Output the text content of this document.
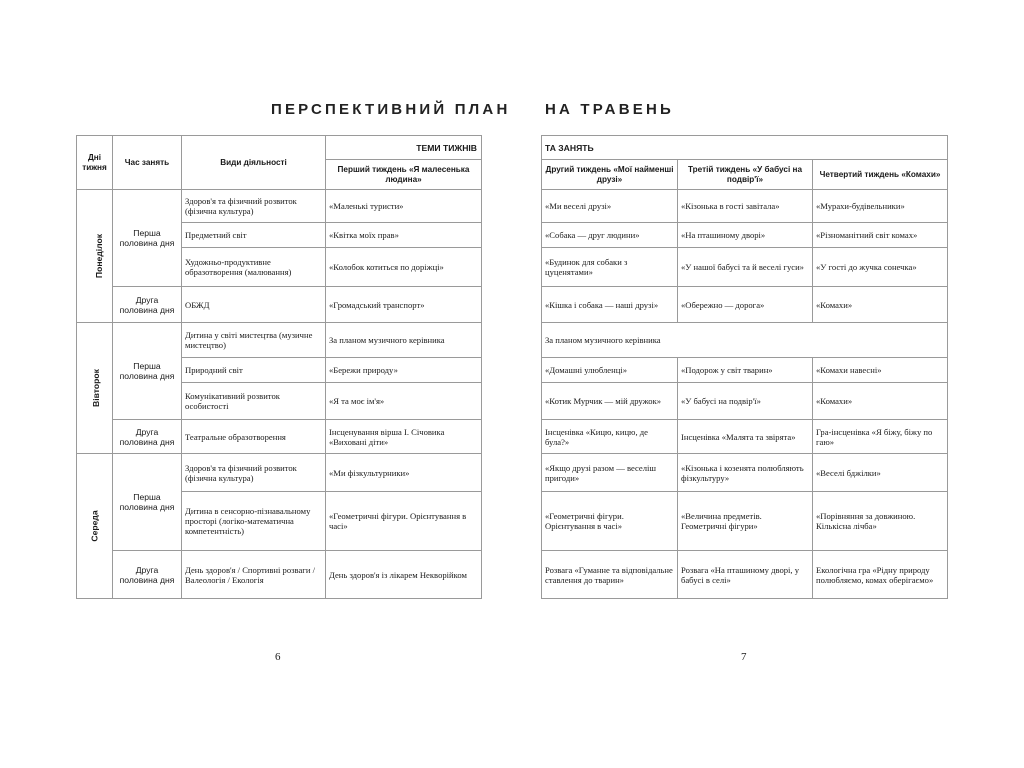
ПЕРСПЕКТИВНИЙ ПЛАН НА ТРАВЕНЬ
Дні тижня	Час занять	Види діяльності	ТЕМИ ТИЖНІВ
			Перший тиждень «Я малесенька людина»
Понеділок	Перша половина дня	Здоров'я та фізичний розвиток (фізична культура)	«Маленькі туристи»
		Предметний світ	«Квітка моїх прав»
		Художньо-продуктивне образотворення (малювання)	«Колобок котиться по доріжці»
	Друга половина дня	ОБЖД	«Громадський транспорт»
Вівторок	Перша половина дня	Дитина у світі мистецтва (музичне мистецтво)	За планом музичного керівника
		Природний світ	«Бережи природу»
		Комунікативний розвиток особистості	«Я та моє ім'я»
	Друга половина дня	Театральне образотворення	Інсценування вірша І. Січовика «Виховані діти»
Середа	Перша половина дня	Здоров'я та фізичний розвиток (фізична культура)	«Ми фізкультурники»
		Дитина в сенсорно-пізнавальному просторі (логіко-математична компетентність)	«Геометричні фігури. Орієнтування в часі»
	Друга половина дня	День здоров'я / Спортивні розваги / Валеологія / Екологія	День здоров'я із лікарем Неквoрійком
ТА ЗАНЯТЬ		
Другий тиждень «Мої найменші друзі»	Третій тиждень «У бабусі на подвір'ї»	Четвертий тиждень «Комахи»
«Ми веселі друзі»	«Кізонька в гості завітала»	«Мурахи-будівельники»
«Собака — друг людини»	«На пташиному дворі»	«Різноманітний світ комах»
«Будинок для собаки з цуценятами»	«У нашої бабусі та й веселі гуси»	«У гості до жучка сонечка»
«Кішка і собака — наші друзі»	«Обережно — дорога»	«Комахи»
За планом музичного керівника		
«Домашні улюбленці»	«Подорож у світ тварин»	«Комахи навесні»
«Котик Мурчик — мій дружок»	«У бабусі на подвір'ї»	«Комахи»
Інсценівка «Кицю, кицю, де була?»	Інсценівка «Малята та звірята»	Гра-інсценівка «Я біжу, біжу по гаю»
«Якщо друзі разом — веселіш пригоди»	«Кізонька і козенята полюбляють фізкультуру»	«Веселі бджілки»
«Геометричні фігури. Орієнтування в часі»	«Величина предметів. Геометричні фігури»	«Порівняння за довжиною. Кількісна лічба»
Розвага «Гуманне та відповідальне ставлення до тварин»	Розвага «На пташиному дворі, у бабусі в селі»	Екологічна гра «Рідну природу полюбляємо, комах оберігаємо»
6	7
